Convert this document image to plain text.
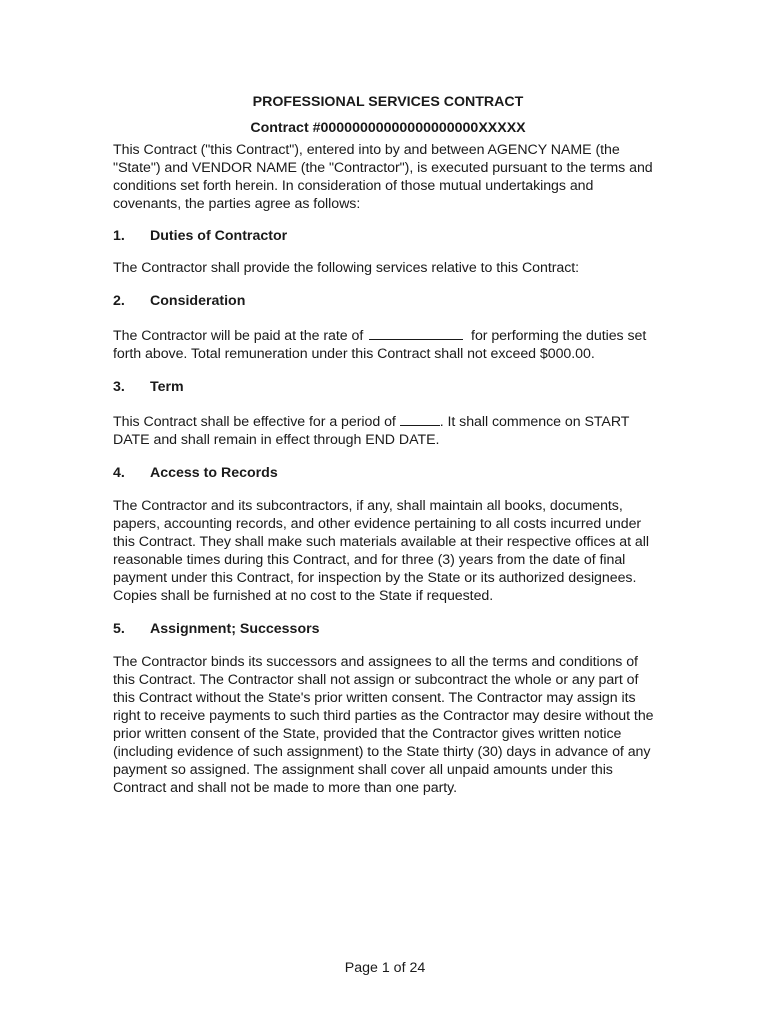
PROFESSIONAL SERVICES CONTRACT
Contract #00000000000000000000XXXXX

This Contract ("this Contract"), entered into by and between AGENCY NAME (the "State") and VENDOR NAME (the "Contractor"), is executed pursuant to the terms and conditions set forth herein. In consideration of those mutual undertakings and covenants, the parties agree as follows:

1.	Duties of Contractor

The Contractor shall provide the following services relative to this Contract:

2.	Consideration

The Contractor will be paid at the rate of	for performing the duties set forth above. Total remuneration under this Contract shall not exceed $000.00.

3.	Term

This Contract shall be effective for a period of	. It shall commence on START DATE and shall remain in effect through END DATE.

4.	Access to Records

The Contractor and its subcontractors, if any, shall maintain all books, documents, papers, accounting records, and other evidence pertaining to all costs incurred under this Contract. They shall make such materials available at their respective offices at all reasonable times during this Contract, and for three (3) years from the date of final payment under this Contract, for inspection by the State or its authorized designees. Copies shall be furnished at no cost to the State if requested.

5.	Assignment; Successors

The Contractor binds its successors and assignees to all the terms and conditions of this Contract. The Contractor shall not assign or subcontract the whole or any part of this Contract without the State's prior written consent. The Contractor may assign its right to receive payments to such third parties as the Contractor may desire without the prior written consent of the State, provided that the Contractor gives written notice (including evidence of such assignment) to the State thirty (30) days in advance of any payment so assigned. The assignment shall cover all unpaid amounts under this Contract and shall not be made to more than one party.

Page 1 of 24
